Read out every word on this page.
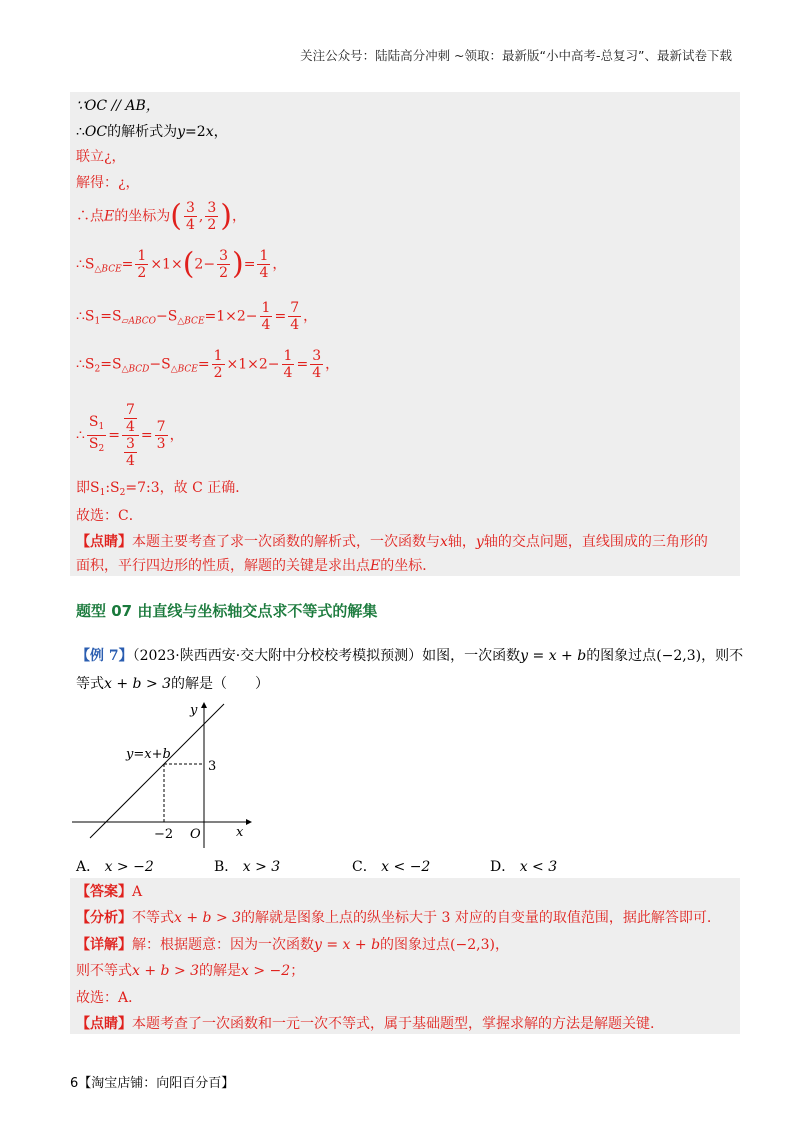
关注公众号：陆陆高分冲刺 ~领取：最新版“小中高考-总复习”、最新试卷下载
∵OC // AB，
∴OC的解析式为y=2x，
联立¿，
解得：¿，
∴点E的坐标为( $\frac{3}{4}$ , $\frac{3}{2}$ )，
$\therefore S_{\triangle BCE}= \frac{1}{2} \times 1\times(2- \frac{3}{2}$ )= $\frac{1}{4}$ ，
$\therefore S_1=S_{▱ABCO}-S_{\triangle BCE}=1\times 2- \frac{1}{4} = \frac{7}{4}$ ，
$\therefore S_2=S_{\triangle BCD}-S_{\triangle BCE}= \frac{1}{2} \times 1\times 2- \frac{1}{4} = \frac{3}{4}$ ，
∴ $\frac{S_1}{S_2} = \frac{\frac{7}{4}}{\frac{3}{4}} = \frac{7}{3}$ ，
即$S_1:S_2=7:3$，故 C 正确．
故选：C．
【点睛】本题主要考查了求一次函数的解析式，一次函数与x轴，y轴的交点问题，直线围成的三角形的
面积，平行四边形的性质，解题的关键是求出点E的坐标．
题型 07 由直线与坐标轴交点求不等式的解集
【例 7】（2023·陕西西安·交大附中分校校考模拟预测）如图，一次函数y = x + b的图象过点(−2,3)，则不
等式x + b > 3的解是（　　）
y
x
y=x+b
3
−2 O
A． x > −2	B． x > 3	C． x < −2	D． x < 3
【答案】A
【分析】不等式x + b > 3的解就是图象上点的纵坐标大于 3 对应的自变量的取值范围，据此解答即可.
【详解】解：根据题意：因为一次函数y = x + b的图象过点(−2,3)，
则不等式x + b > 3的解是x > −2；
故选：A．
【点睛】本题考查了一次函数和一元一次不等式，属于基础题型，掌握求解的方法是解题关键.
6【淘宝店铺：向阳百分百】
